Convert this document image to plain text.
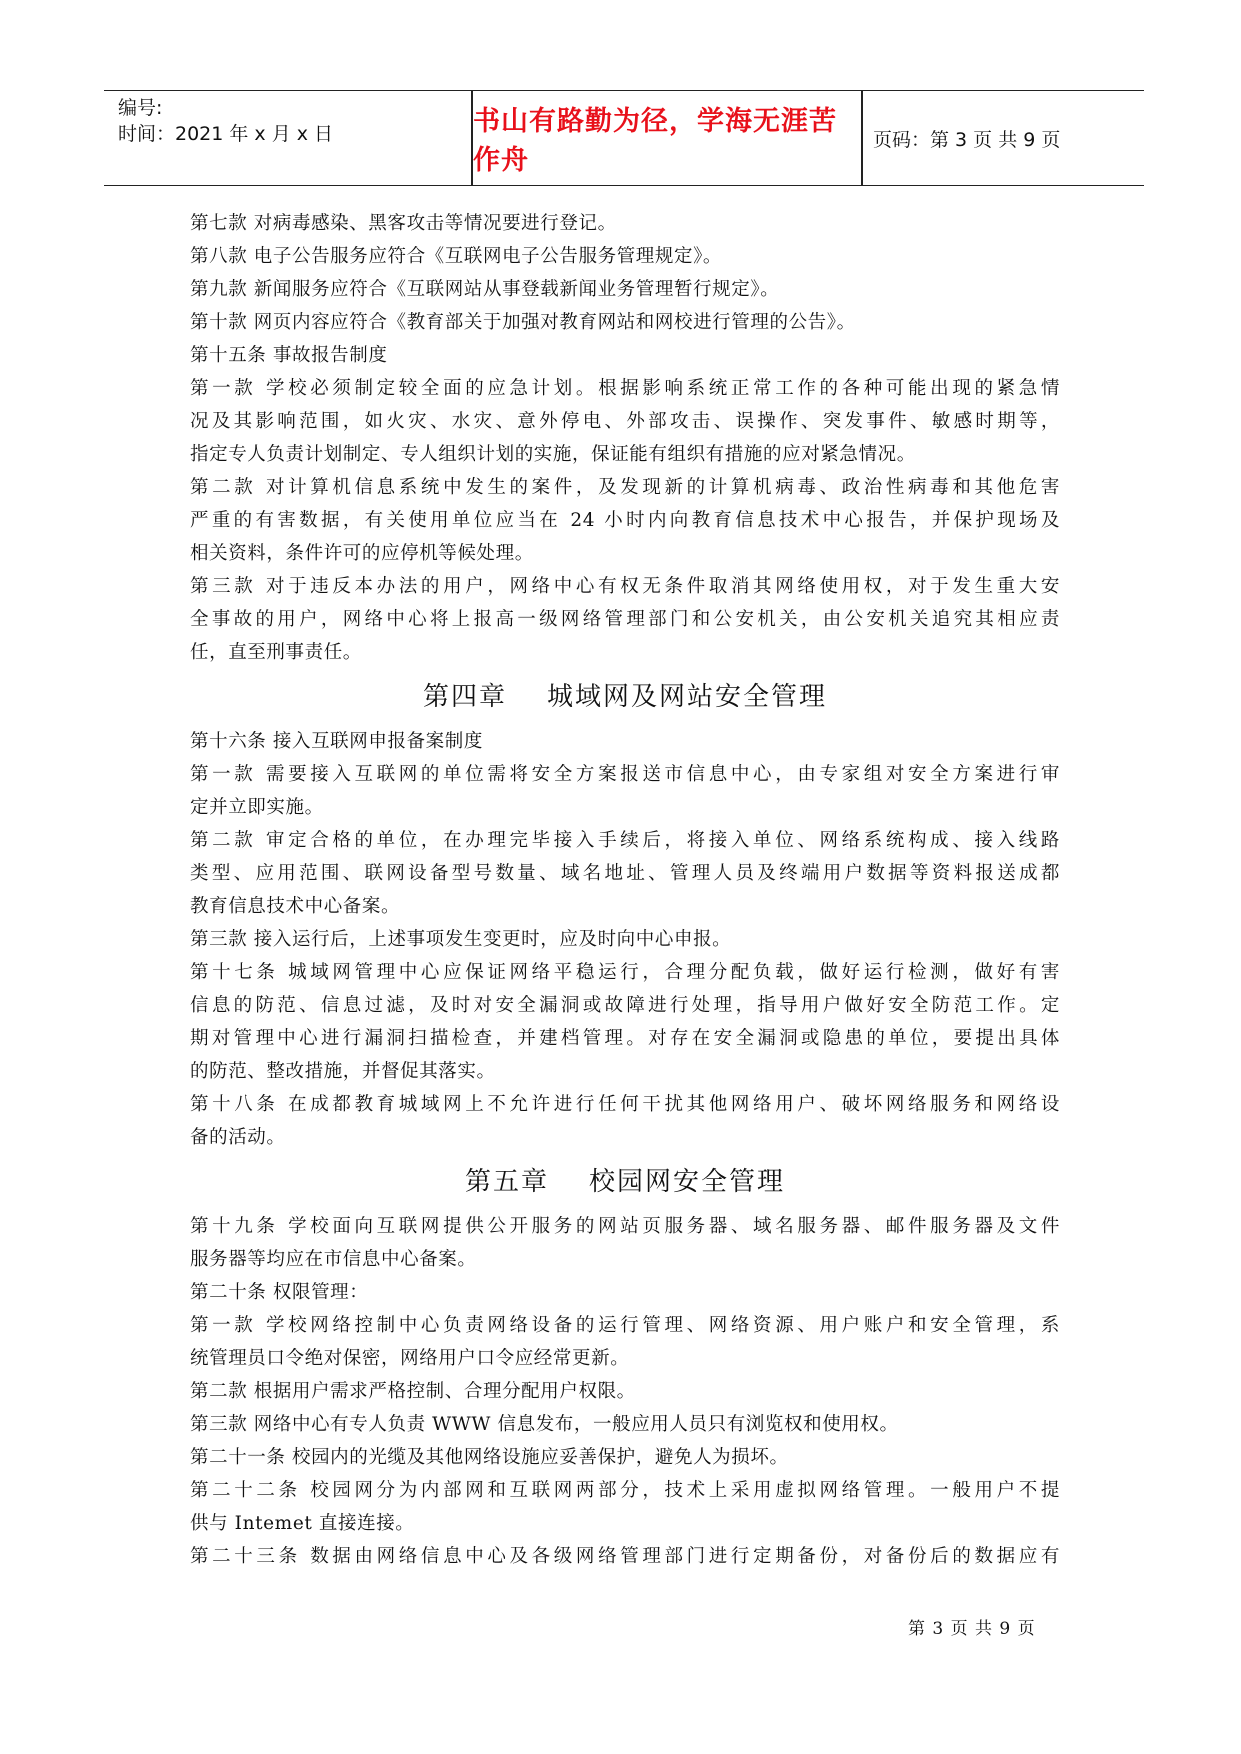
编号:
时间：2021 年 x 月 x 日	书山有路勤为径，学海无涯苦作舟
页码：第 3 页 共 9 页
第七款 对病毒感染、黑客攻击等情况要进行登记。
第八款 电子公告服务应符合《互联网电子公告服务管理规定》。
第九款 新闻服务应符合《互联网站从事登载新闻业务管理暂行规定》。
第十款 网页内容应符合《教育部关于加强对教育网站和网校进行管理的公告》。
第十五条 事故报告制度
第一款 学校必须制定较全面的应急计划。根据影响系统正常工作的各种可能出现的紧急情
况及其影响范围，如火灾、水灾、意外停电、外部攻击、误操作、突发事件、敏感时期等，
指定专人负责计划制定、专人组织计划的实施，保证能有组织有措施的应对紧急情况。
第二款 对计算机信息系统中发生的案件，及发现新的计算机病毒、政治性病毒和其他危害
严重的有害数据，有关使用单位应当在 24 小时内向教育信息技术中心报告，并保护现场及
相关资料，条件许可的应停机等候处理。
第三款 对于违反本办法的用户，网络中心有权无条件取消其网络使用权，对于发生重大安
全事故的用户，网络中心将上报高一级网络管理部门和公安机关，由公安机关追究其相应责
任，直至刑事责任。
第四章 城域网及网站安全管理
第十六条 接入互联网申报备案制度
第一款 需要接入互联网的单位需将安全方案报送市信息中心，由专家组对安全方案进行审
定并立即实施。
第二款 审定合格的单位，在办理完毕接入手续后，将接入单位、网络系统构成、接入线路
类型、应用范围、联网设备型号数量、域名地址、管理人员及终端用户数据等资料报送成都
教育信息技术中心备案。
第三款 接入运行后，上述事项发生变更时，应及时向中心申报。
第十七条 城域网管理中心应保证网络平稳运行，合理分配负载，做好运行检测，做好有害
信息的防范、信息过滤，及时对安全漏洞或故障进行处理，指导用户做好安全防范工作。定
期对管理中心进行漏洞扫描检查，并建档管理。对存在安全漏洞或隐患的单位，要提出具体
的防范、整改措施，并督促其落实。
第十八条 在成都教育城域网上不允许进行任何干扰其他网络用户、破坏网络服务和网络设
备的活动。
第五章 校园网安全管理
第十九条 学校面向互联网提供公开服务的网站页服务器、域名服务器、邮件服务器及文件
服务器等均应在市信息中心备案。
第二十条 权限管理：
第一款 学校网络控制中心负责网络设备的运行管理、网络资源、用户账户和安全管理，系
统管理员口令绝对保密，网络用户口令应经常更新。
第二款 根据用户需求严格控制、合理分配用户权限。
第三款 网络中心有专人负责 WWW 信息发布，一般应用人员只有浏览权和使用权。
第二十一条 校园内的光缆及其他网络设施应妥善保护，避免人为损坏。
第二十二条 校园网分为内部网和互联网两部分，技术上采用虚拟网络管理。一般用户不提
供与 Intemet 直接连接。
第二十三条 数据由网络信息中心及各级网络管理部门进行定期备份，对备份后的数据应有
第 3 页 共 9 页
